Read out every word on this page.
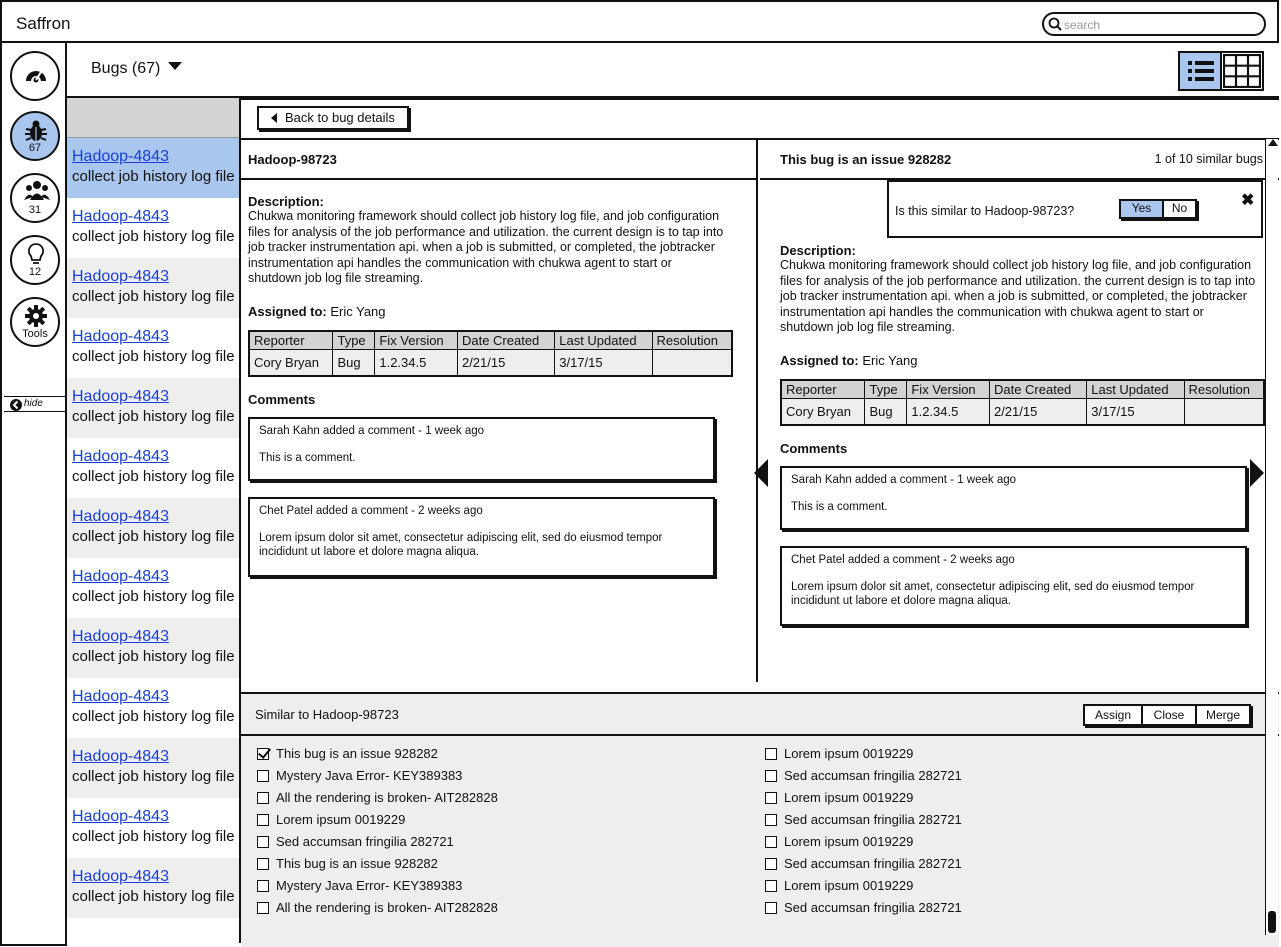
Saffron
search
67
31
12
Tools
hide
Bugs (67)
Hadoop-4843
collect job history log file
Hadoop-4843
collect job history log file
Hadoop-4843
collect job history log file
Hadoop-4843
collect job history log file
Hadoop-4843
collect job history log file
Hadoop-4843
collect job history log file
Hadoop-4843
collect job history log file
Hadoop-4843
collect job history log file
Hadoop-4843
collect job history log file
Hadoop-4843
collect job history log file
Hadoop-4843
collect job history log file
Hadoop-4843
collect job history log file
Hadoop-4843
collect job history log file
Back to bug details
Hadoop-98723
Description:
Chukwa monitoring framework should collect job history log file, and job configuration files for analysis of the job performance and utilization. the current design is to tap into job tracker instrumentation api. when a job is submitted, or completed, the jobtracker instrumentation api handles the communication with chukwa agent to start or shutdown job log file streaming.
Assigned to: Eric Yang
Reporter	Type	Fix Version	Date Created	Last Updated	Resolution
Cory Bryan	Bug	1.2.34.5	2/21/15	3/17/15	
Comments
Sarah Kahn added a comment - 1 week ago
This is a comment.
Chet Patel added a comment - 2 weeks ago
Lorem ipsum dolor sit amet, consectetur adipiscing elit, sed do eiusmod tempor incididunt ut labore et dolore magna aliqua.
This bug is an issue 928282	1 of 10 similar bugs
Is this similar to Hadoop-98723?	Yes	No	✖
Description:
Chukwa monitoring framework should collect job history log file, and job configuration files for analysis of the job performance and utilization. the current design is to tap into job tracker instrumentation api. when a job is submitted, or completed, the jobtracker instrumentation api handles the communication with chukwa agent to start or shutdown job log file streaming.
Assigned to: Eric Yang
Reporter	Type	Fix Version	Date Created	Last Updated	Resolution
Cory Bryan	Bug	1.2.34.5	2/21/15	3/17/15	
Comments
Sarah Kahn added a comment - 1 week ago
This is a comment.
Chet Patel added a comment - 2 weeks ago
Lorem ipsum dolor sit amet, consectetur adipiscing elit, sed do eiusmod tempor incididunt ut labore et dolore magna aliqua.
Similar to Hadoop-98723	Assign	Close	Merge
This bug is an issue 928282
Mystery Java Error- KEY389383
All the rendering is broken- AIT282828
Lorem ipsum 0019229
Sed accumsan fringilia 282721
This bug is an issue 928282
Mystery Java Error- KEY389383
All the rendering is broken- AIT282828
Lorem ipsum 0019229
Sed accumsan fringilia 282721
Lorem ipsum 0019229
Sed accumsan fringilia 282721
Lorem ipsum 0019229
Sed accumsan fringilia 282721
Lorem ipsum 0019229
Sed accumsan fringilia 282721
